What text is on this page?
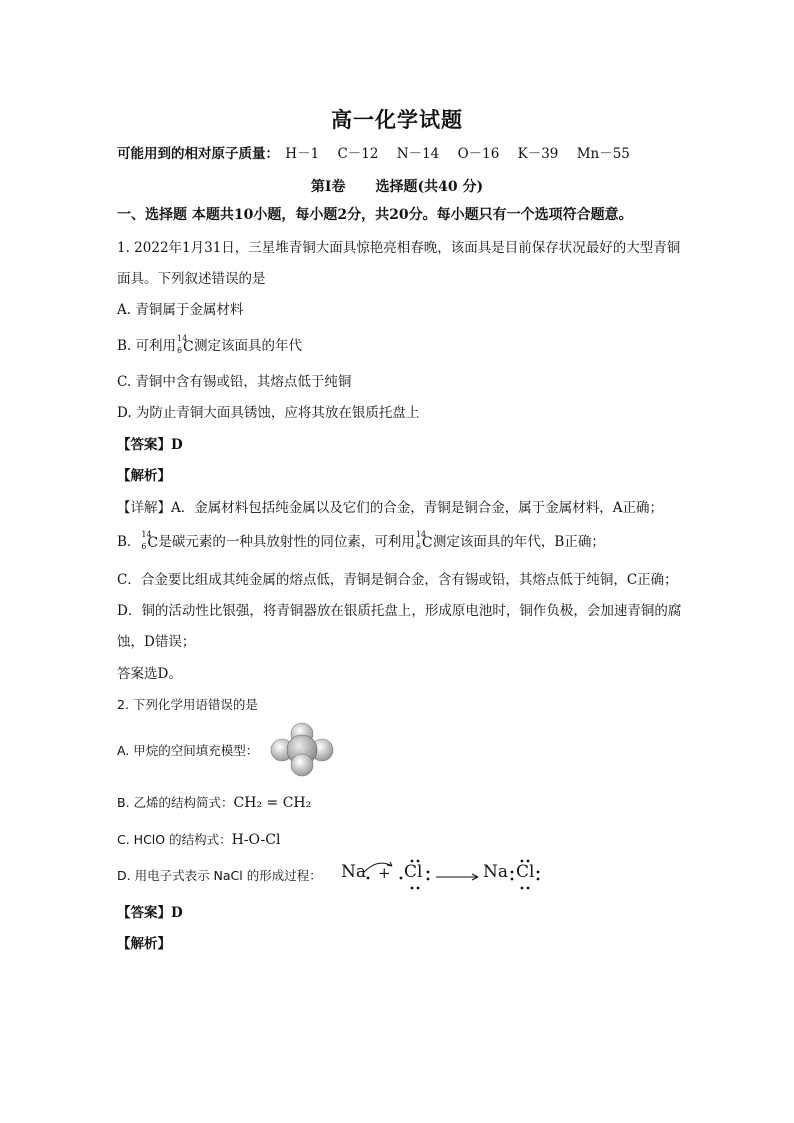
高一化学试题
可能用到的相对原子质量： H－1 C－12 N－14 O－16 K－39 Mn－55
第Ⅰ卷 选择题(共40 分)
一、选择题 本题共10小题，每小题2分，共20分。每小题只有一个选项符合题意。
1. 2022年1月31日，三星堆青铜大面具惊艳亮相春晚，该面具是目前保存状况最好的大型青铜
面具。下列叙述错误的是
A. 青铜属于金属材料
B. 可利用 14
6 C 测定该面具的年代
C. 青铜中含有锡或铅，其熔点低于纯铜
D. 为防止青铜大面具锈蚀，应将其放在银质托盘上
【答案】D
【解析】
【详解】A．金属材料包括纯金属以及它们的合金，青铜是铜合金，属于金属材料，A正确；
B． 14
6 C 是碳元素的一种具放射性的同位素，可利用 14
6 C 测定该面具的年代，B正确；
C．合金要比组成其纯金属的熔点低，青铜是铜合金，含有锡或铅，其熔点低于纯铜，C正确；
D．铜的活动性比银强，将青铜器放在银质托盘上，形成原电池时，铜作负极，会加速青铜的腐
蚀，D错误；
答案选D。
2. 下列化学用语错误的是
A. 甲烷的空间填充模型：
B. 乙烯的结构简式：CH₂ = CH₂
C. HClO 的结构式：H-O-Cl
D. 用电子式表示 NaCl 的形成过程： Na + Cl	Na Cl
【答案】D
【解析】
